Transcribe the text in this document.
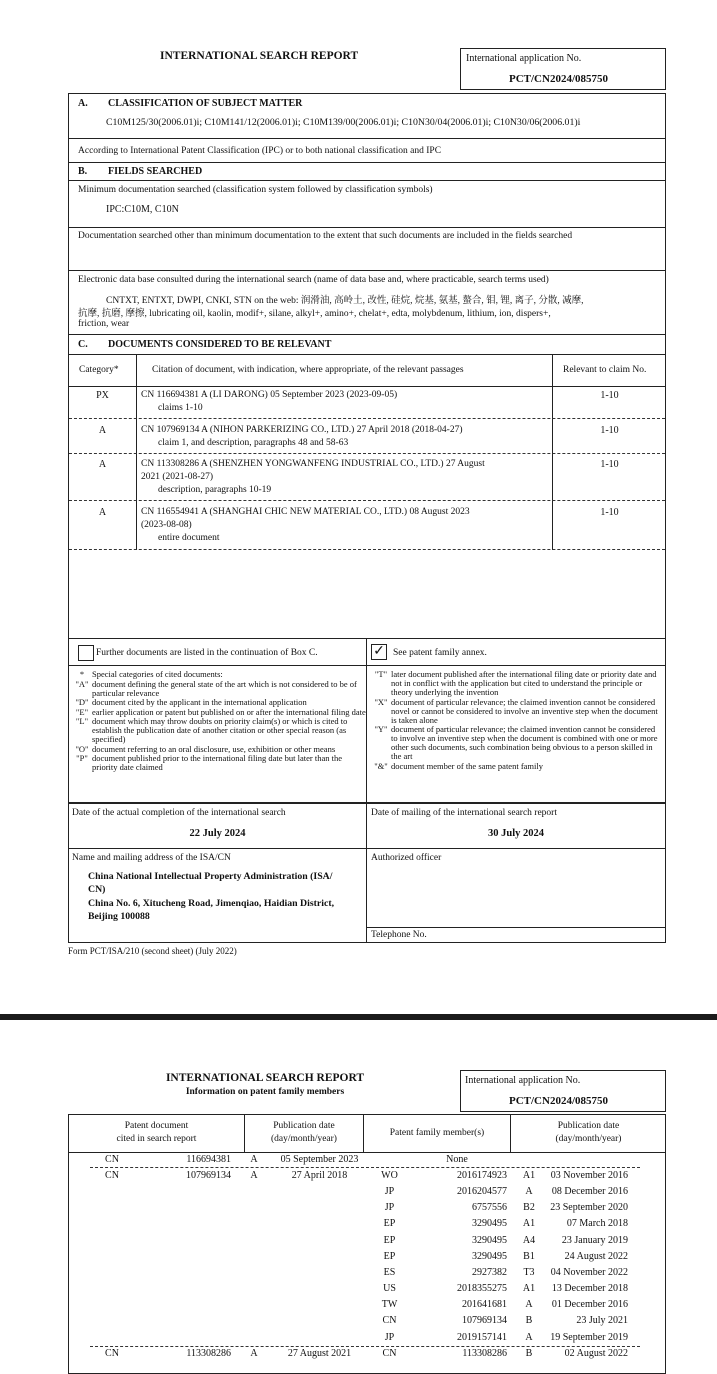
INTERNATIONAL SEARCH REPORT	International application No.
PCT/CN2024/085750
A. CLASSIFICATION OF SUBJECT MATTER
C10M125/30(2006.01)i; C10M141/12(2006.01)i; C10M139/00(2006.01)i; C10N30/04(2006.01)i; C10N30/06(2006.01)i
According to International Patent Classification (IPC) or to both national classification and IPC
B. FIELDS SEARCHED
Minimum documentation searched (classification system followed by classification symbols)
IPC:C10M, C10N
Documentation searched other than minimum documentation to the extent that such documents are included in the fields searched
Electronic data base consulted during the international search (name of data base and, where practicable, search terms used)
CNTXT, ENTXT, DWPI, CNKI, STN on the web: 润滑油, 高岭土, 改性, 硅烷, 烷基, 氨基, 螯合, 钼, 锂, 离子, 分散, 减摩,
抗摩, 抗磨, 摩擦, lubricating oil, kaolin, modif+, silane, alkyl+, amino+, chelat+, edta, molybdenum, lithium, ion, dispers+,
friction, wear
C. DOCUMENTS CONSIDERED TO BE RELEVANT
Category*	Citation of document, with indication, where appropriate, of the relevant passages	Relevant to claim No.
PX	CN 116694381 A (LI DARONG) 05 September 2023 (2023-09-05)
claims 1-10
1-10
A	CN 107969134 A (NIHON PARKERIZING CO., LTD.) 27 April 2018 (2018-04-27)
claim 1, and description, paragraphs 48 and 58-63
1-10
A	CN 113308286 A (SHENZHEN YONGWANFENG INDUSTRIAL CO., LTD.) 27 August
2021 (2021-08-27)
description, paragraphs 10-19
1-10
A	CN 116554941 A (SHANGHAI CHIC NEW MATERIAL CO., LTD.) 08 August 2023
(2023-08-08)
entire document
1-10
Further documents are listed in the continuation of Box C.	✓ See patent family annex.
* Special categories of cited documents:
"A" document defining the general state of the art which is not considered to be of particular relevance
"D" document cited by the applicant in the international application
"E" earlier application or patent but published on or after the international filing date
"L" document which may throw doubts on priority claim(s) or which is cited to establish the publication date of another citation or other special reason (as specified)
"O" document referring to an oral disclosure, use, exhibition or other means
"P" document published prior to the international filing date but later than the priority date claimed
"T" later document published after the international filing date or priority date and not in conflict with the application but cited to understand the principle or theory underlying the invention
"X" document of particular relevance; the claimed invention cannot be considered novel or cannot be considered to involve an inventive step when the document is taken alone
"Y" document of particular relevance; the claimed invention cannot be considered to involve an inventive step when the document is combined with one or more other such documents, such combination being obvious to a person skilled in the art
"&" document member of the same patent family
Date of the actual completion of the international search
22 July 2024
Date of mailing of the international search report
30 July 2024
Name and mailing address of the ISA/CN
China National Intellectual Property Administration (ISA/
CN)
China No. 6, Xitucheng Road, Jimenqiao, Haidian District,
Beijing 100088
Authorized officer
Telephone No.
Form PCT/ISA/210 (second sheet) (July 2022)
INTERNATIONAL SEARCH REPORT
Information on patent family members
International application No.
PCT/CN2024/085750
Patent document
cited in search report
Publication date
(day/month/year)
Patent family member(s)
Publication date
(day/month/year)
CN	116694381	A	05 September 2023		None		
CN	107969134	A	27 April 2018	WO	2016174923	A1	03 November 2016
				JP	2016204577	A	08 December 2016
				JP	6757556	B2	23 September 2020
				EP	3290495	A1	07 March 2018
				EP	3290495	A4	23 January 2019
				EP	3290495	B1	24 August 2022
				ES	2927382	T3	04 November 2022
				US	2018355275	A1	13 December 2018
				TW	201641681	A	01 December 2016
				CN	107969134	B	23 July 2021
				JP	2019157141	A	19 September 2019
CN	113308286	A	27 August 2021	CN	113308286	B	02 August 2022
